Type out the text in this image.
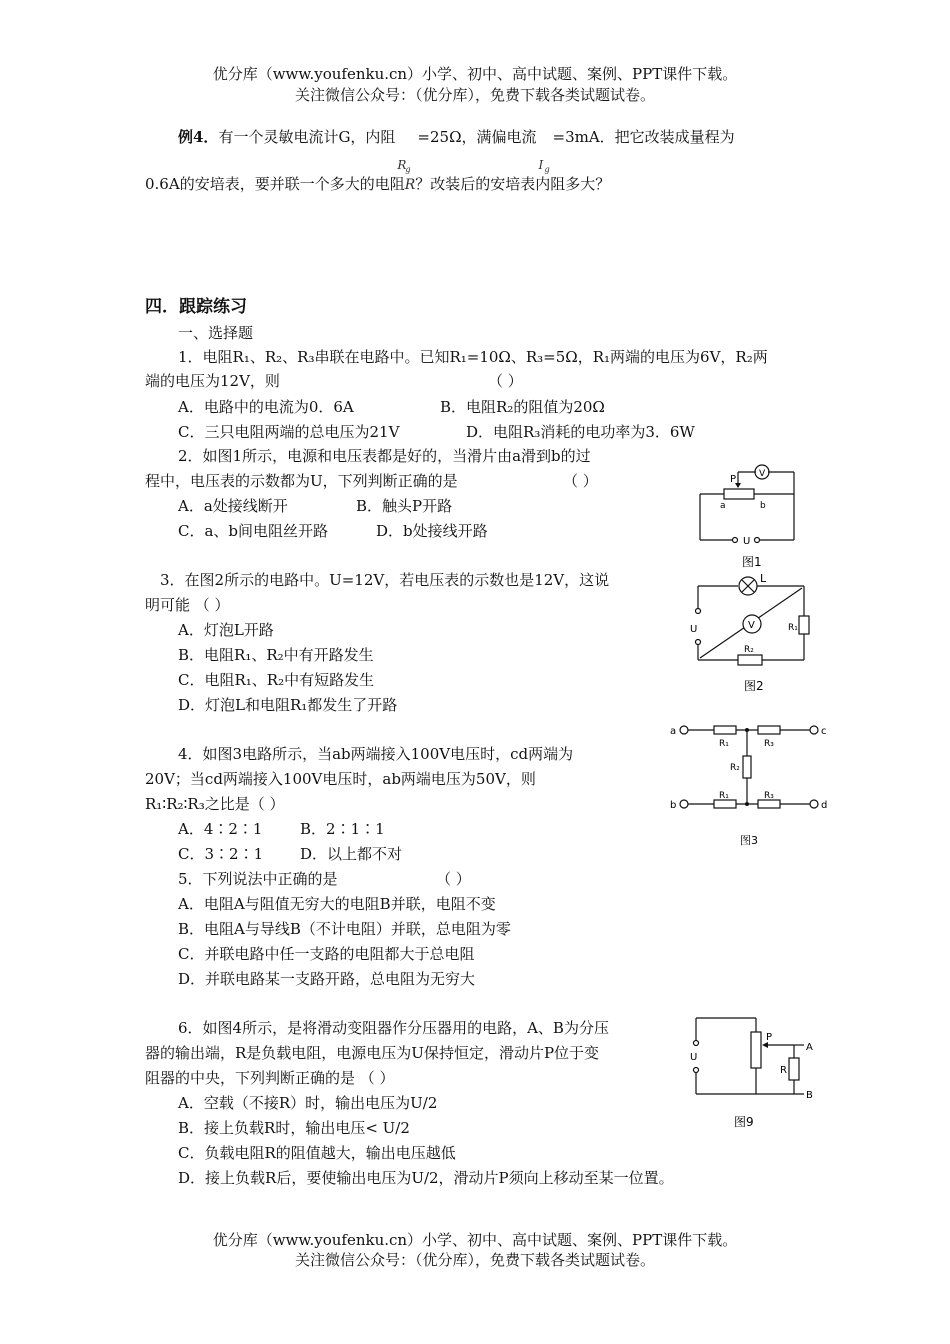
优分库（www.youfenku.cn）小学、初中、高中试题、案例、PPT课件下载。
关注微信公众号：（优分库），免费下载各类试题试卷。
例4．有一个灵敏电流计G，内阻
R
g
=25Ω，满偏电流
I g
=3mA．把它改装成量程为
0.6A的安培表，要并联一个多大的电阻R？改装后的安培表内阻多大？
四．跟踪练习
一、选择题
1．电阻R₁、R₂、R₃串联在电路中。已知R₁=10Ω、R₃=5Ω，R₁两端的电压为6V，R₂两
端的电压为12V，则	（ ）
A．电路中的电流为0．6A	B．电阻R₂的阻值为20Ω
C．三只电阻两端的总电压为21V	D．电阻R₃消耗的电功率为3．6W
2．如图1所示，电源和电压表都是好的，当滑片由a滑到b的过
程中，电压表的示数都为U，下列判断正确的是	（ ）
A．a处接线断开	B．触头P开路
C．a、b间电阻丝开路	D．b处接线开路
3．在图2所示的电路中。U=12V，若电压表的示数也是12V，这说
明可能 （ ）
A．灯泡L开路
B．电阻R₁、R₂中有开路发生
C．电阻R₁、R₂中有短路发生
D．灯泡L和电阻R₁都发生了开路
4．如图3电路所示，当ab两端接入100V电压时，cd两端为
20V；当cd两端接入100V电压时，ab两端电压为50V，则
R₁∶R₂∶R₃之比是（ ）
A．4∶2∶1	B．2∶1∶1
C．3∶2∶1 D．以上都不对
5．下列说法中正确的是	（ ）
A．电阻A与阻值无穷大的电阻B并联，电阻不变
B．电阻A与导线B（不计电阻）并联，总电阻为零
C．并联电路中任一支路的电阻都大于总电阻
D．并联电路某一支路开路，总电阻为无穷大
6．如图4所示，是将滑动变阻器作分压器用的电路，A、B为分压
器的输出端，R是负载电阻，电源电压为U保持恒定，滑动片P位于变
阻器的中央，下列判断正确的是 （ ）
A．空载（不接R）时，输出电压为U/2
B．接上负载R时，输出电压< U/2
C．负载电阻R的阻值越大，输出电压越低
D．接上负载R后，要使输出电压为U/2，滑动片P须向上移动至某一位置。
P	V
a	b
U
图1
L
V
U	R₁
R₂
图2
a	c
b	d
R₁	R₃
R₂
R₁	R₃
图3
U
P
A
R
B
图9
优分库（www.youfenku.cn）小学、初中、高中试题、案例、PPT课件下载。
关注微信公众号：（优分库），免费下载各类试题试卷。
